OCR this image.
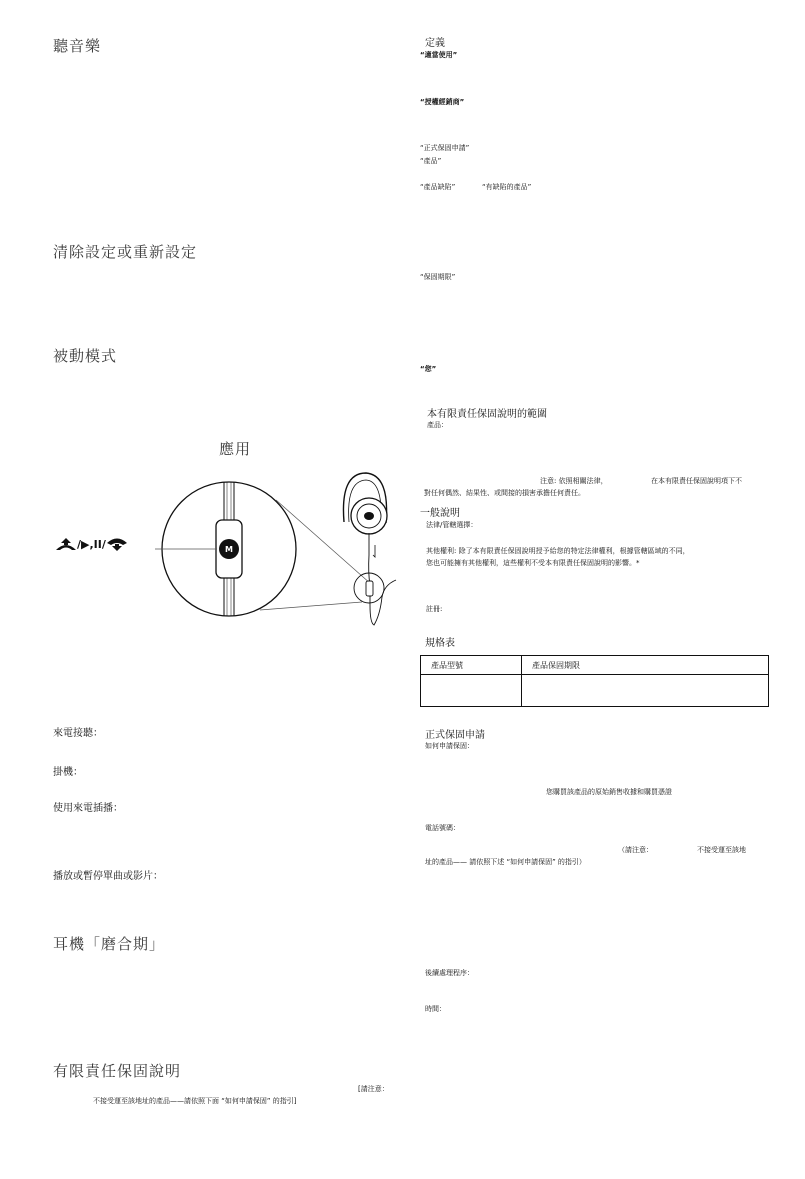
聽音樂
清除設定或重新設定
被動模式
應用
M
/▶,II/
來電接聽：
掛機：
使用來電插播：
播放或暫停單曲或影片：
耳機「磨合期」
有限責任保固說明
[請注意：
不接受運至該地址的產品——請依照下面 “如何申請保固” 的指引]
定義
“適當使用”
“授權經銷商”
“正式保固申請”
“產品”
“產品缺陷”	“有缺陷的產品”
“保固期限”
“您”
本有限責任保固說明的範圍
產品：
注意: 依照相關法律，	在本有限責任保固說明項下不
對任何偶然、結果性、或間接的損害承擔任何責任。
一般說明
法律/管轄選擇：
其他權利: 除了本有限責任保固說明授予給您的特定法律權利，根據管轄區域的不同，
您也可能擁有其他權利，這些權利不受本有限責任保固說明的影響。*
註冊:
規格表
產品型號	產品保固期限

正式保固申請
如何申請保固：
您購買該產品的原始銷售收據和購買憑證
電話號碼：
（請注意：	不接受運至該地
址的產品—— 請依照下述 “如何申請保固” 的指引）
後續處理程序：
時間：
